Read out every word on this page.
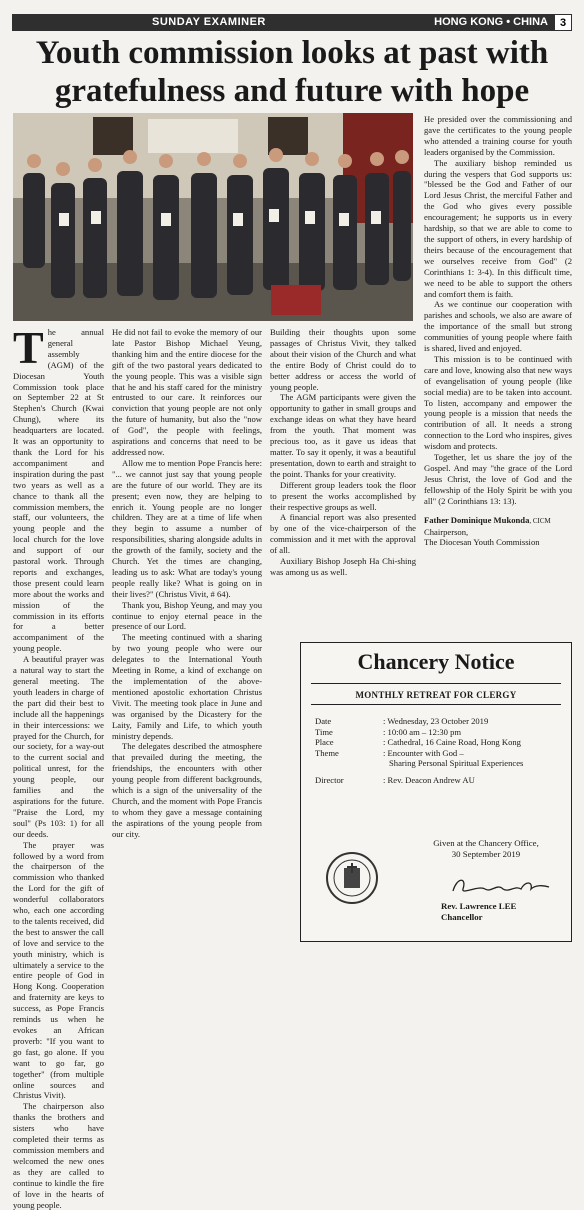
SUNDAY EXAMINER	HONG KONG • CHINA	3
Youth commission looks at past with gratefulness and future with hope

The annual general assembly (AGM) of the Diocesan Youth Commission took place on September 22 at St Stephen's Church (Kwai Chung), where its headquarters are located. It was an opportunity to thank the Lord for his accompaniment and inspiration during the past two years as well as a chance to thank all the commission members, the staff, our volunteers, the young people and the local church for the love and support of our pastoral work. Through reports and exchanges, those present could learn more about the works and mission of the commission in its efforts for a better accompaniment of the young people.

A beautiful prayer was a natural way to start the general meeting. The youth leaders in charge of the part did their best to include all the happenings in their intercessions: we prayed for the Church, for our society, for a way-out to the current social and political unrest, for the young people, our families and the aspirations for the future. "Praise the Lord, my soul" (Ps 103: 1) for all our deeds.

The prayer was followed by a word from the chairperson of the commission who thanked the Lord for the gift of wonderful collaborators who, each one according to the talents received, did the best to answer the call of love and service to the youth ministry, which is ultimately a service to the entire people of God in Hong Kong. Cooperation and fraternity are keys to success, as Pope Francis reminds us when he evokes an African proverb: "If you want to go fast, go alone. If you want to go far, go together" (from multiple online sources and Christus Vivit).

The chairperson also thanks the brothers and sisters who have completed their terms as commission members and welcomed the new ones as they are called to continue to kindle the fire of love in the hearts of young people.

He did not fail to evoke the memory of our late Pastor Bishop Michael Yeung, thanking him and the entire diocese for the gift of the two pastoral years dedicated to the young people. This was a visible sign that he and his staff cared for the ministry entrusted to our care. It reinforces our conviction that young people are not only the future of humanity, but also the "now of God", the people with feelings, aspirations and concerns that need to be addressed now.

Allow me to mention Pope Francis here: "... we cannot just say that young people are the future of our world. They are its present; even now, they are helping to enrich it. Young people are no longer children. They are at a time of life when they begin to assume a number of responsibilities, sharing alongside adults in the growth of the family, society and the Church. Yet the times are changing, leading us to ask: What are today's young people really like? What is going on in their lives?" (Christus Vivit, # 64).

Thank you, Bishop Yeung, and may you continue to enjoy eternal peace in the presence of our Lord.

The meeting continued with a sharing by two young people who were our delegates to the International Youth Meeting in Rome, a kind of exchange on the implementation of the above-mentioned apostolic exhortation Christus Vivit. The meeting took place in June and was organised by the Dicastery for the Laity, Family and Life, to which youth ministry depends.

The delegates described the atmosphere that prevailed during the meeting, the friendships, the encounters with other young people from different backgrounds, which is a sign of the universality of the Church, and the moment with Pope Francis to whom they gave a message containing the aspirations of the young people from our city.

Building their thoughts upon some passages of Christus Vivit, they talked about their vision of the Church and what the entire Body of Christ could do to better address or access the world of young people.

The AGM participants were given the opportunity to gather in small groups and exchange ideas on what they have heard from the youth. That moment was precious too, as it gave us ideas that matter. To say it openly, it was a beautiful presentation, down to earth and straight to the point. Thanks for your creativity.

Different group leaders took the floor to present the works accomplished by their respective groups as well.

A financial report was also presented by one of the vice-chairperson of the commission and it met with the approval of all.

Auxiliary Bishop Joseph Ha Chi-shing was among us as well.

He presided over the commissioning and gave the certificates to the young people who attended a training course for youth leaders organised by the Commission.

The auxiliary bishop reminded us during the vespers that God supports us: "blessed be the God and Father of our Lord Jesus Christ, the merciful Father and the God who gives every possible encouragement; he supports us in every hardship, so that we are able to come to the support of others, in every hardship of theirs because of the encouragement that we ourselves receive from God" (2 Corinthians 1: 3-4). In this difficult time, we need to be able to support the others and comfort them is faith.

As we continue our cooperation with parishes and schools, we also are aware of the importance of the small but strong communities of young people where faith is shared, lived and enjoyed.

This mission is to be continued with care and love, knowing also that new ways of evangelisation of young people (like social media) are to be taken into account. To listen, accompany and empower the young people is a mission that needs the contribution of all. It needs a strong connection to the Lord who inspires, gives wisdom and protects.

Together, let us share the joy of the Gospel. And may "the grace of the Lord Jesus Christ, the love of God and the fellowship of the Holy Spirit be with you all" (2 Corinthians 13: 13).

Father Dominique Mukonda, CICM
Chairperson,
The Diocesan Youth Commission

Chancery Notice
MONTHLY RETREAT FOR CLERGY
Date	: Wednesday, 23 October 2019
Time	: 10:00 am – 12:30 pm
Place	: Cathedral, 16 Caine Road, Hong Kong
Theme	: Encounter with God –
Sharing Personal Spiritual Experiences
Director	: Rev. Deacon Andrew AU
Given at the Chancery Office,
30 September 2019
Rev. Lawrence LEE
Chancellor
